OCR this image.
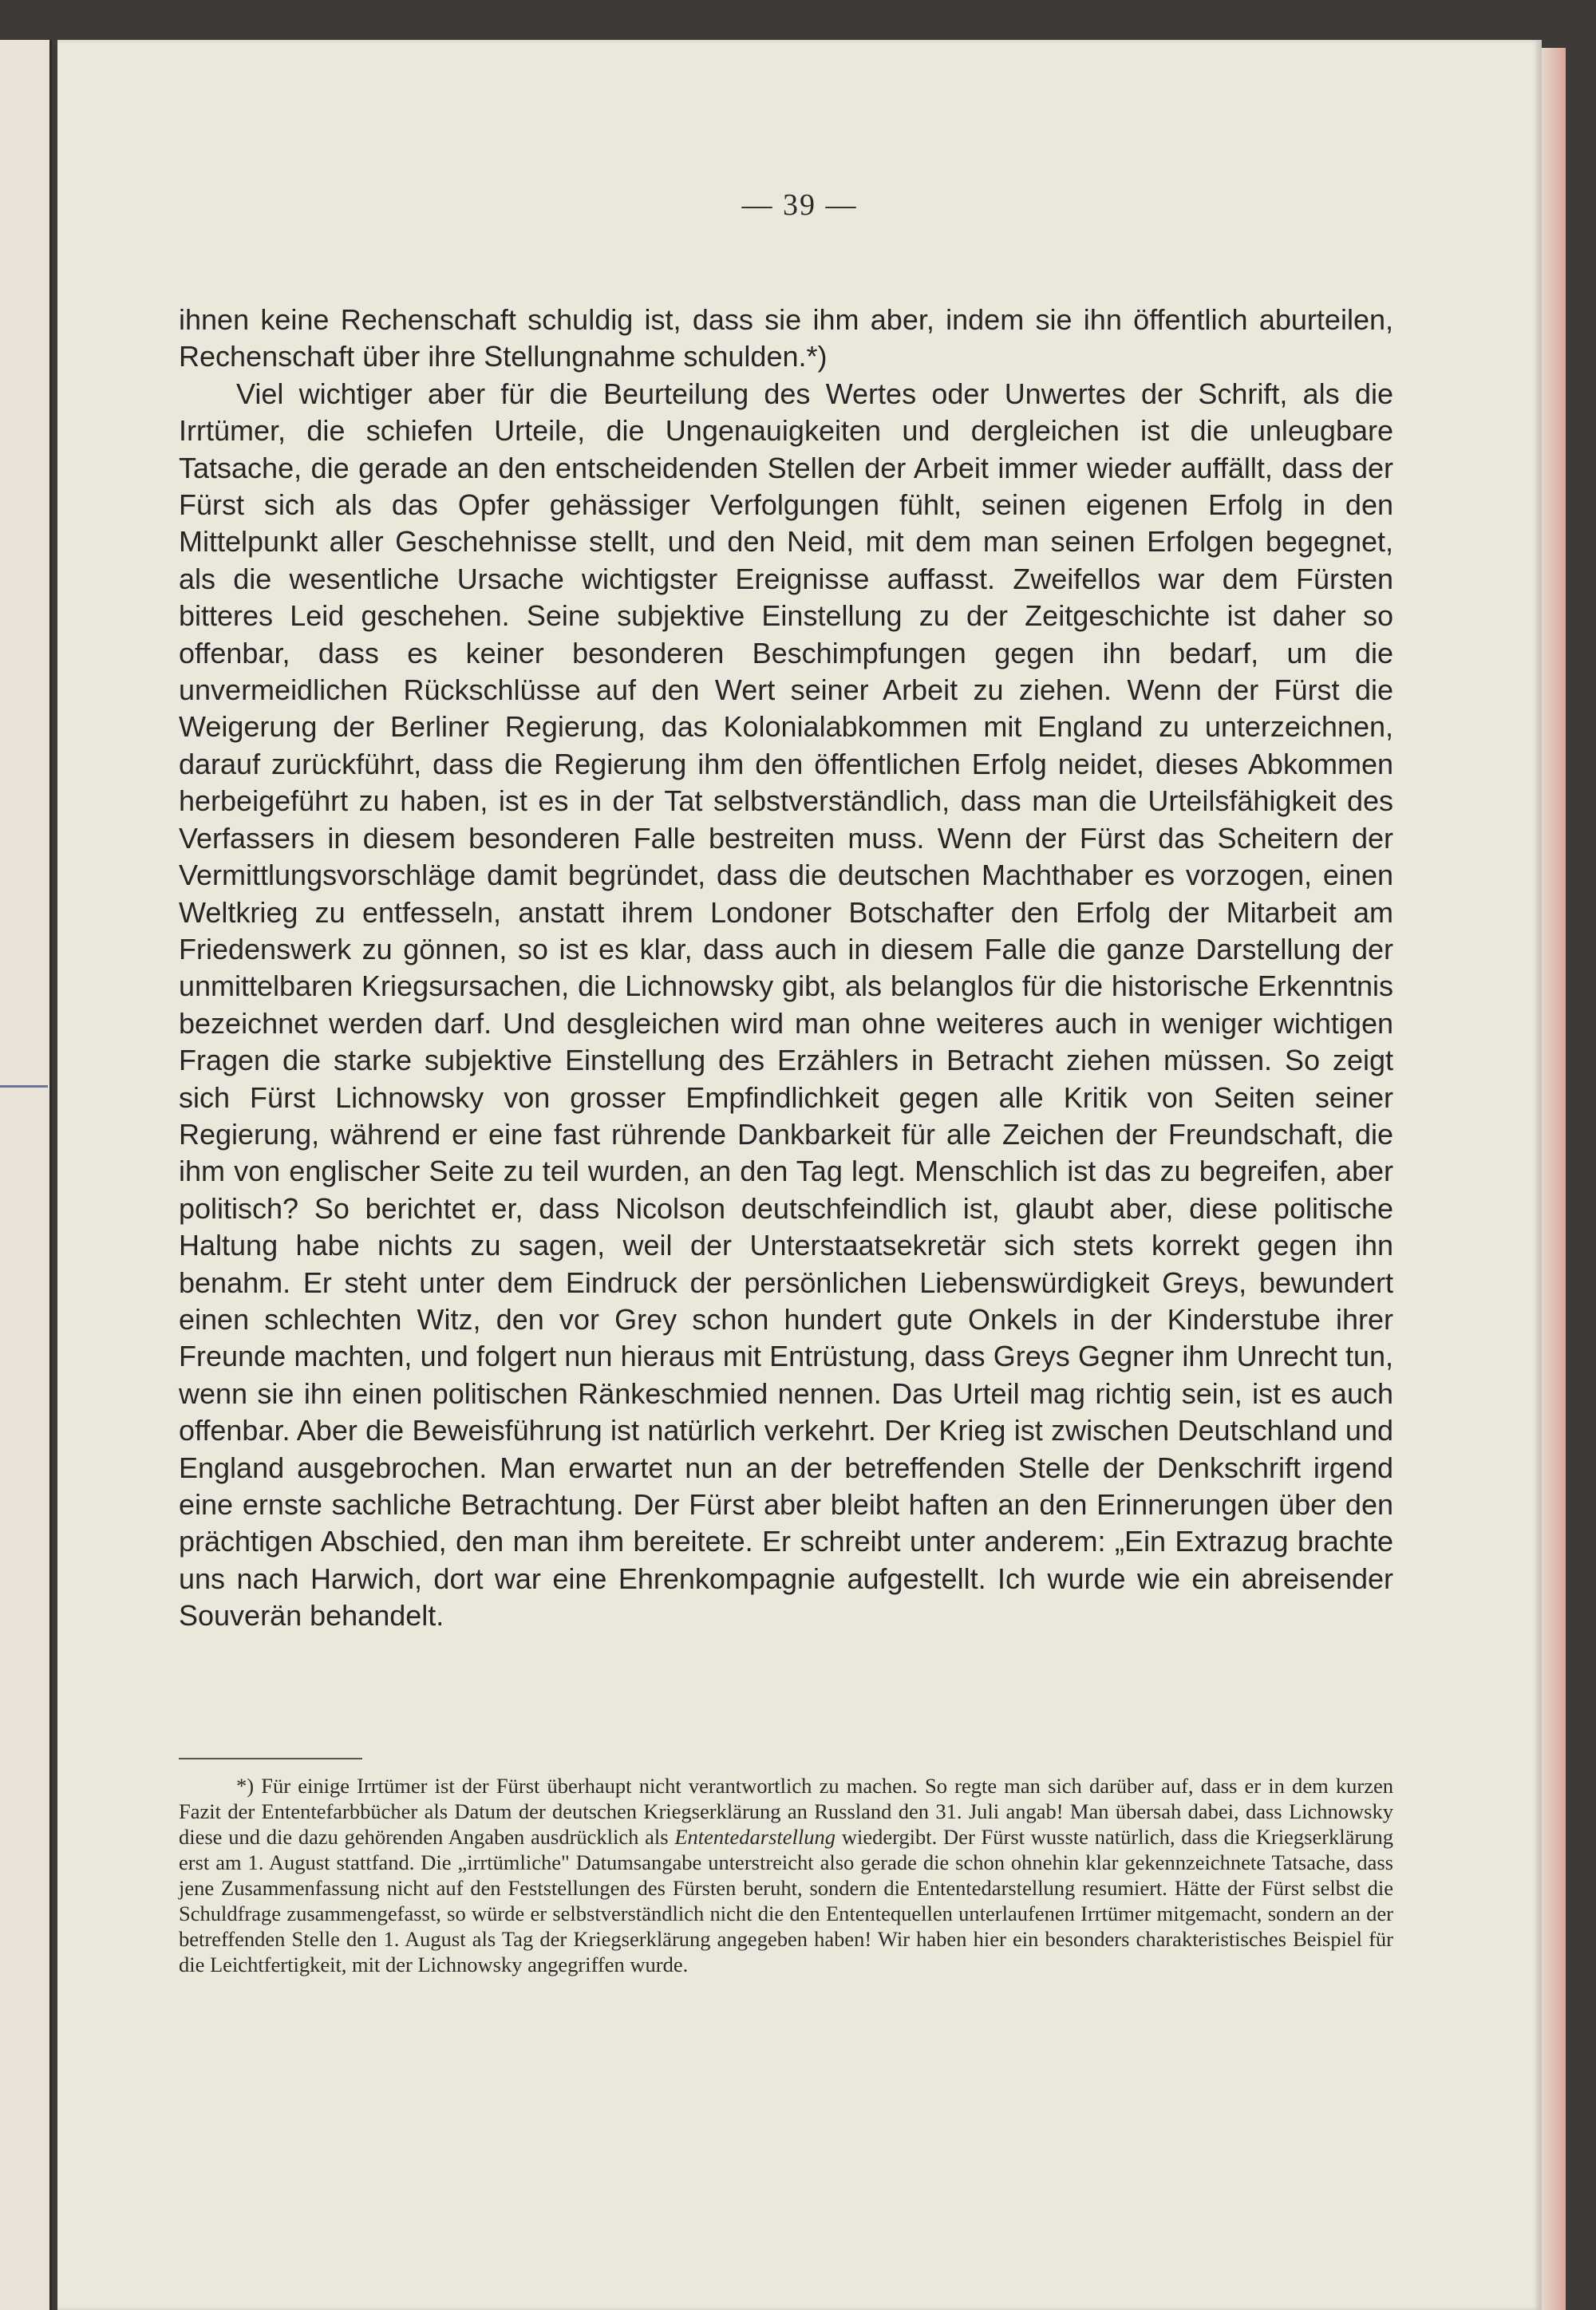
— 39 —

ihnen keine Rechenschaft schuldig ist, dass sie ihm aber, indem sie ihn öffentlich aburteilen, Rechenschaft über ihre Stellungnahme schulden.*)

Viel wichtiger aber für die Beurteilung des Wertes oder Unwertes der Schrift, als die Irrtümer, die schiefen Urteile, die Ungenauigkeiten und dergleichen ist die unleugbare Tatsache, die gerade an den entscheidenden Stellen der Arbeit immer wieder auffällt, dass der Fürst sich als das Opfer gehässiger Verfolgungen fühlt, seinen eigenen Erfolg in den Mittelpunkt aller Geschehnisse stellt, und den Neid, mit dem man seinen Erfolgen begegnet, als die wesentliche Ursache wichtigster Ereignisse auffasst. Zweifellos war dem Fürsten bitteres Leid geschehen. Seine subjektive Einstellung zu der Zeitgeschichte ist daher so offenbar, dass es keiner besonderen Beschimpfungen gegen ihn bedarf, um die unvermeidlichen Rückschlüsse auf den Wert seiner Arbeit zu ziehen. Wenn der Fürst die Weigerung der Berliner Regierung, das Kolonialabkommen mit England zu unterzeichnen, darauf zurückführt, dass die Regierung ihm den öffentlichen Erfolg neidet, dieses Abkommen herbeigeführt zu haben, ist es in der Tat selbstverständlich, dass man die Urteilsfähigkeit des Verfassers in diesem besonderen Falle bestreiten muss. Wenn der Fürst das Scheitern der Vermittlungsvorschläge damit begründet, dass die deutschen Machthaber es vorzogen, einen Weltkrieg zu entfesseln, anstatt ihrem Londoner Botschafter den Erfolg der Mitarbeit am Friedenswerk zu gönnen, so ist es klar, dass auch in diesem Falle die ganze Darstellung der unmittelbaren Kriegsursachen, die Lichnowsky gibt, als belanglos für die historische Erkenntnis bezeichnet werden darf. Und desgleichen wird man ohne weiteres auch in weniger wichtigen Fragen die starke subjektive Einstellung des Erzählers in Betracht ziehen müssen. So zeigt sich Fürst Lichnowsky von grosser Empfindlichkeit gegen alle Kritik von Seiten seiner Regierung, während er eine fast rührende Dankbarkeit für alle Zeichen der Freundschaft, die ihm von englischer Seite zu teil wurden, an den Tag legt. Menschlich ist das zu begreifen, aber politisch? So berichtet er, dass Nicolson deutschfeindlich ist, glaubt aber, diese politische Haltung habe nichts zu sagen, weil der Unterstaatsekretär sich stets korrekt gegen ihn benahm. Er steht unter dem Eindruck der persönlichen Liebenswürdigkeit Greys, bewundert einen schlechten Witz, den vor Grey schon hundert gute Onkels in der Kinderstube ihrer Freunde machten, und folgert nun hieraus mit Entrüstung, dass Greys Gegner ihm Unrecht tun, wenn sie ihn einen politischen Ränkeschmied nennen. Das Urteil mag richtig sein, ist es auch offenbar. Aber die Beweisführung ist natürlich verkehrt. Der Krieg ist zwischen Deutschland und England ausgebrochen. Man erwartet nun an der betreffenden Stelle der Denkschrift irgend eine ernste sachliche Betrachtung. Der Fürst aber bleibt haften an den Erinnerungen über den prächtigen Abschied, den man ihm bereitete. Er schreibt unter anderem: „Ein Extrazug brachte uns nach Harwich, dort war eine Ehrenkompagnie aufgestellt. Ich wurde wie ein abreisender Souverän behandelt.

*) Für einige Irrtümer ist der Fürst überhaupt nicht verantwortlich zu machen. So regte man sich darüber auf, dass er in dem kurzen Fazit der Ententefarbbücher als Datum der deutschen Kriegserklärung an Russland den 31. Juli angab! Man übersah dabei, dass Lichnowsky diese und die dazu gehörenden Angaben ausdrücklich als Ententedarstellung wiedergibt. Der Fürst wusste natürlich, dass die Kriegserklärung erst am 1. August stattfand. Die „irrtümliche" Datumsangabe unterstreicht also gerade die schon ohnehin klar gekennzeichnete Tatsache, dass jene Zusammenfassung nicht auf den Feststellungen des Fürsten beruht, sondern die Ententedarstellung resumiert. Hätte der Fürst selbst die Schuldfrage zusammengefasst, so würde er selbstverständlich nicht die den Ententequellen unterlaufenen Irrtümer mitgemacht, sondern an der betreffenden Stelle den 1. August als Tag der Kriegserklärung angegeben haben! Wir haben hier ein besonders charakteristisches Beispiel für die Leichtfertigkeit, mit der Lichnowsky angegriffen wurde.
